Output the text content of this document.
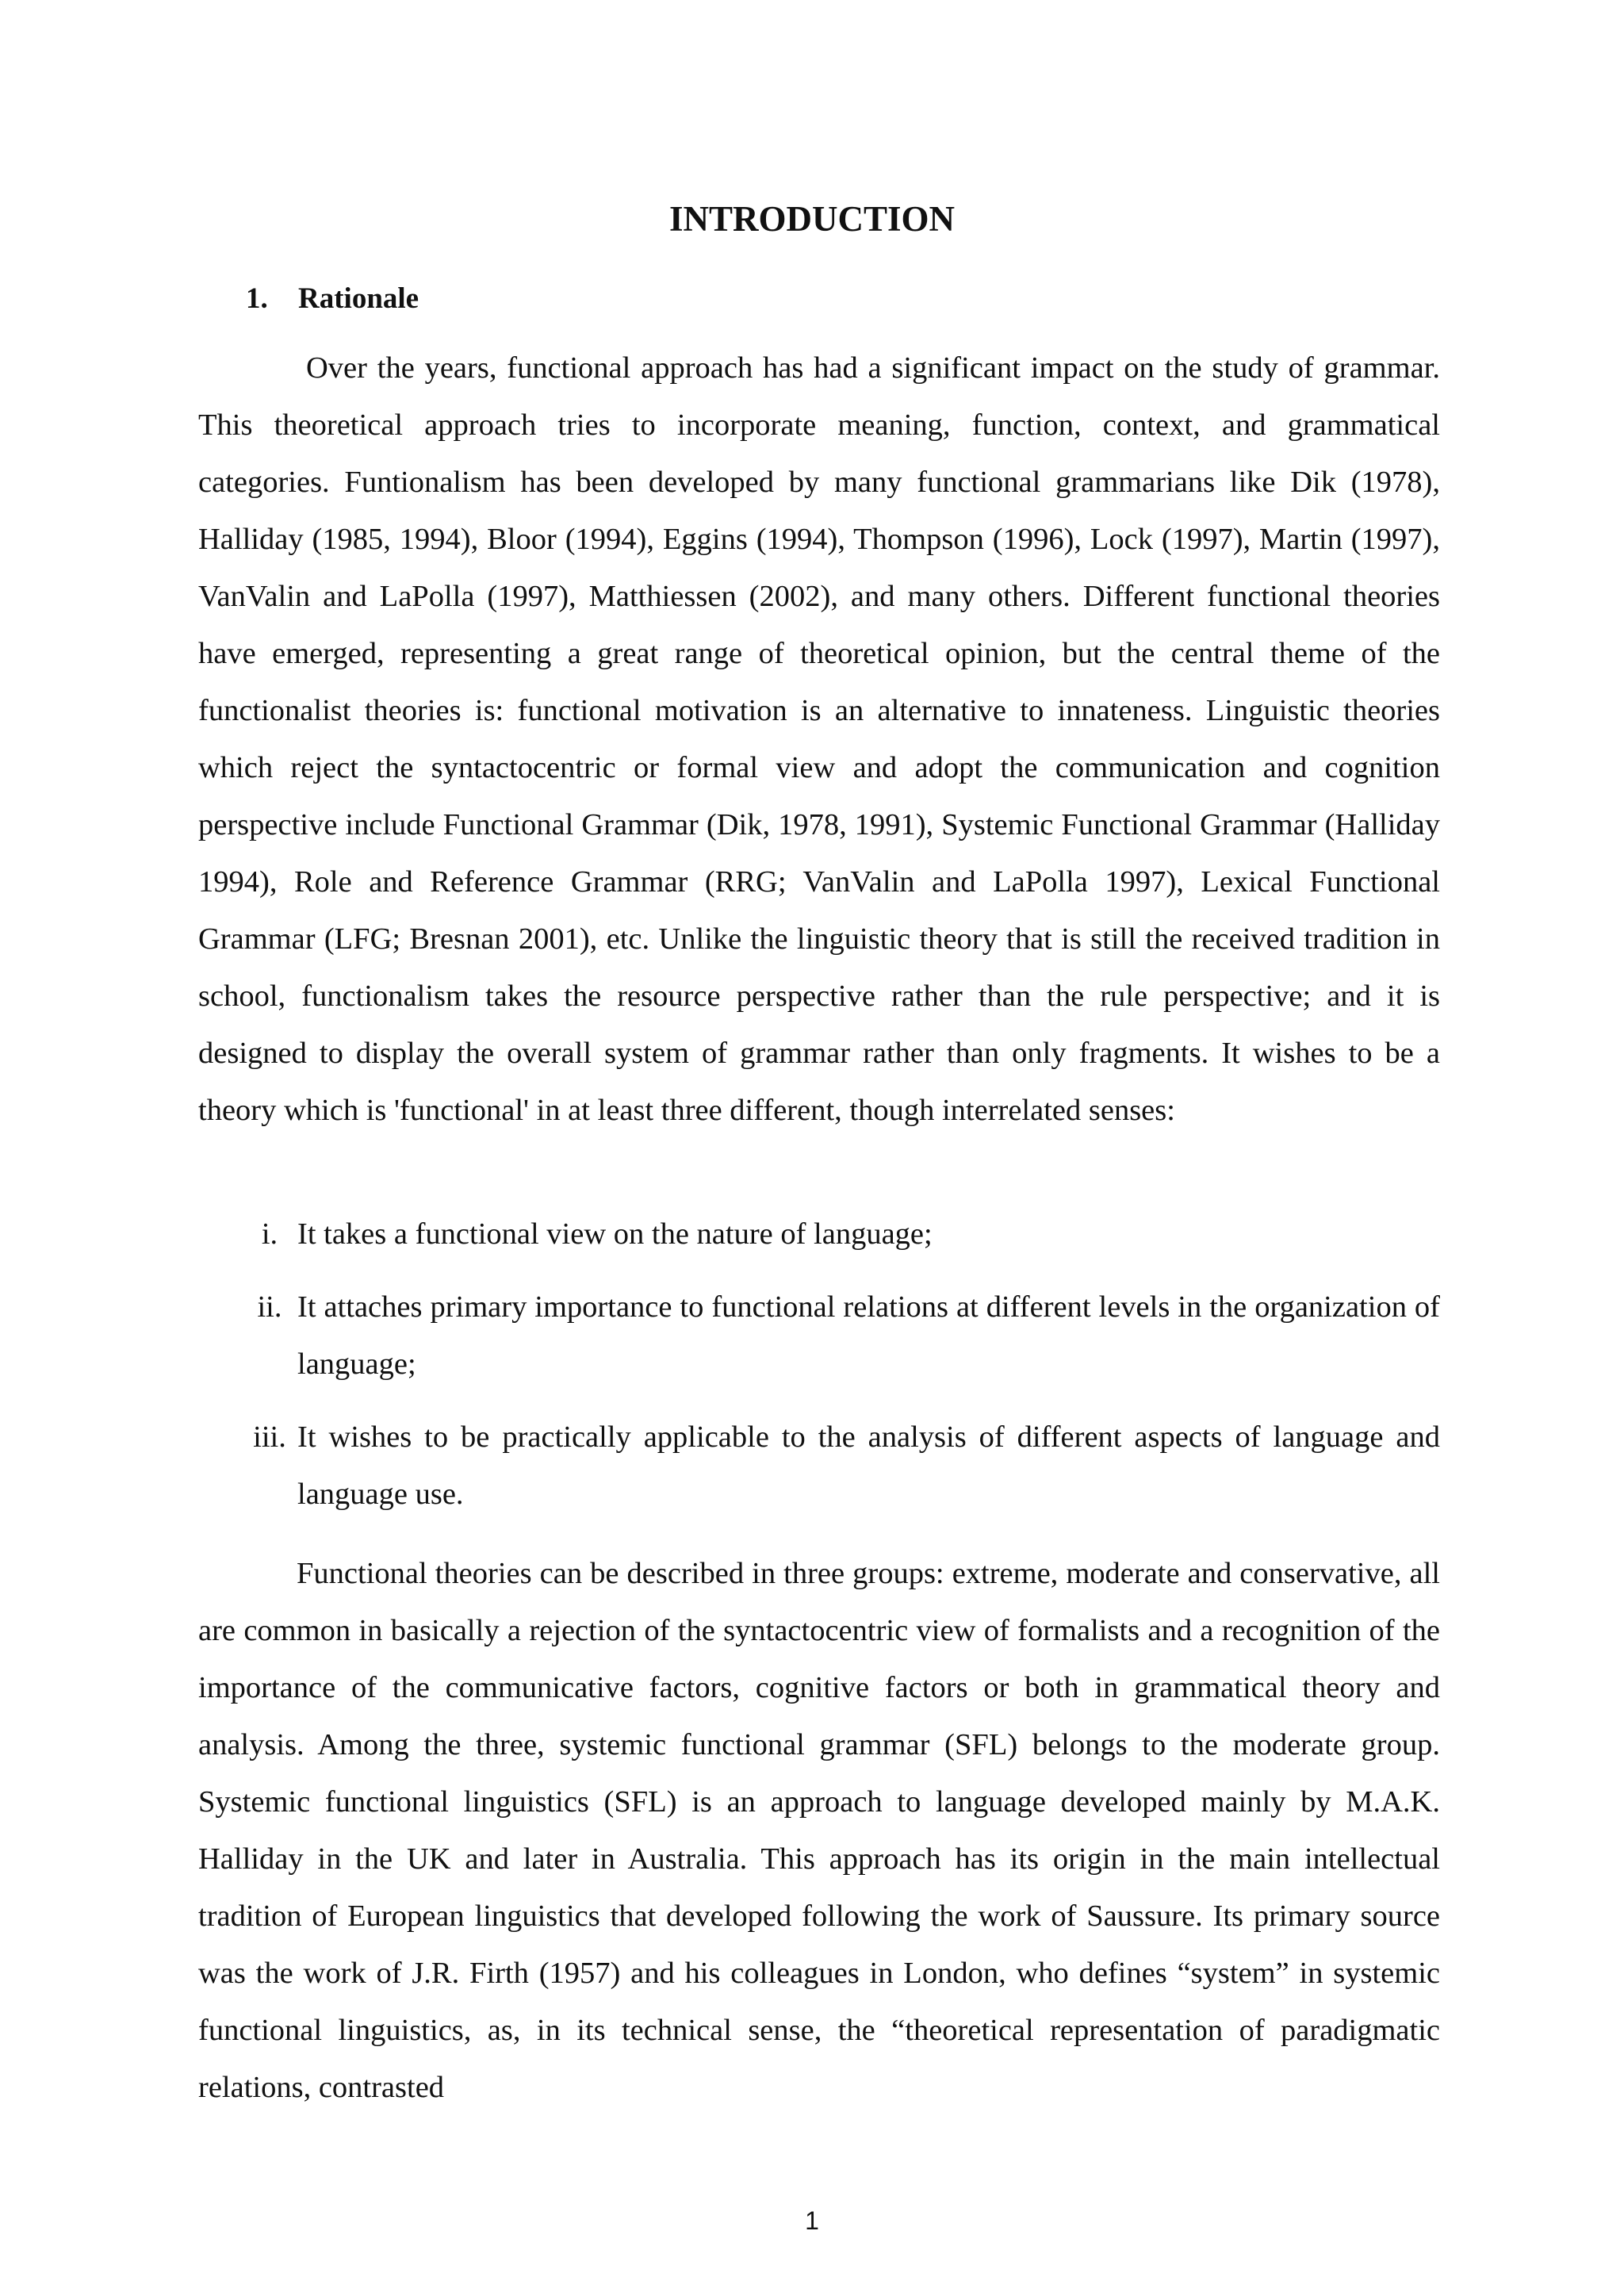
INTRODUCTION
1. Rationale

Over the years, functional approach has had a significant impact on the study of grammar. This theoretical approach tries to incorporate meaning, function, context, and grammatical categories. Funtionalism has been developed by many functional grammarians like Dik (1978), Halliday (1985, 1994), Bloor (1994), Eggins (1994), Thompson (1996), Lock (1997), Martin (1997), VanValin and LaPolla (1997), Matthiessen (2002), and many others. Different functional theories have emerged, representing a great range of theoretical opinion, but the central theme of the functionalist theories is: functional motivation is an alternative to innateness. Linguistic theories which reject the syntactocentric or formal view and adopt the communication and cognition perspective include Functional Grammar (Dik, 1978, 1991), Systemic Functional Grammar (Halliday 1994), Role and Reference Grammar (RRG; VanValin and LaPolla 1997), Lexical Functional Grammar (LFG; Bresnan 2001), etc. Unlike the linguistic theory that is still the received tradition in school, functionalism takes the resource perspective rather than the rule perspective; and it is designed to display the overall system of grammar rather than only fragments. It wishes to be a theory which is 'functional' in at least three different, though interrelated senses:

i. It takes a functional view on the nature of language;
ii. It attaches primary importance to functional relations at different levels in the organization of language;
iii. It wishes to be practically applicable to the analysis of different aspects of language and language use.

Functional theories can be described in three groups: extreme, moderate and conservative, all are common in basically a rejection of the syntactocentric view of formalists and a recognition of the importance of the communicative factors, cognitive factors or both in grammatical theory and analysis. Among the three, systemic functional grammar (SFL) belongs to the moderate group. Systemic functional linguistics (SFL) is an approach to language developed mainly by M.A.K. Halliday in the UK and later in Australia. This approach has its origin in the main intellectual tradition of European linguistics that developed following the work of Saussure. Its primary source was the work of J.R. Firth (1957) and his colleagues in London, who defines “system” in systemic functional linguistics, as, in its technical sense, the “theoretical representation of paradigmatic relations, contrasted

1
